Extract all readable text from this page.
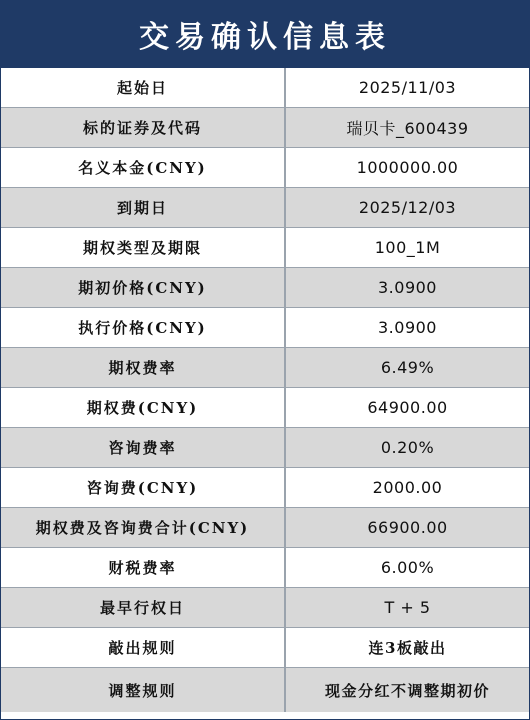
交易确认信息表
起始日	2025/11/03
标的证券及代码	瑞贝卡_600439
名义本金(CNY)	1000000.00
到期日	2025/12/03
期权类型及期限	100_1M
期初价格(CNY)	3.0900
执行价格(CNY)	3.0900
期权费率	6.49%
期权费(CNY)	64900.00
咨询费率	0.20%
咨询费(CNY)	2000.00
期权费及咨询费合计(CNY)	66900.00
财税费率	6.00%
最早行权日	T + 5
敲出规则	连3板敲出
调整规则	现金分红不调整期初价
